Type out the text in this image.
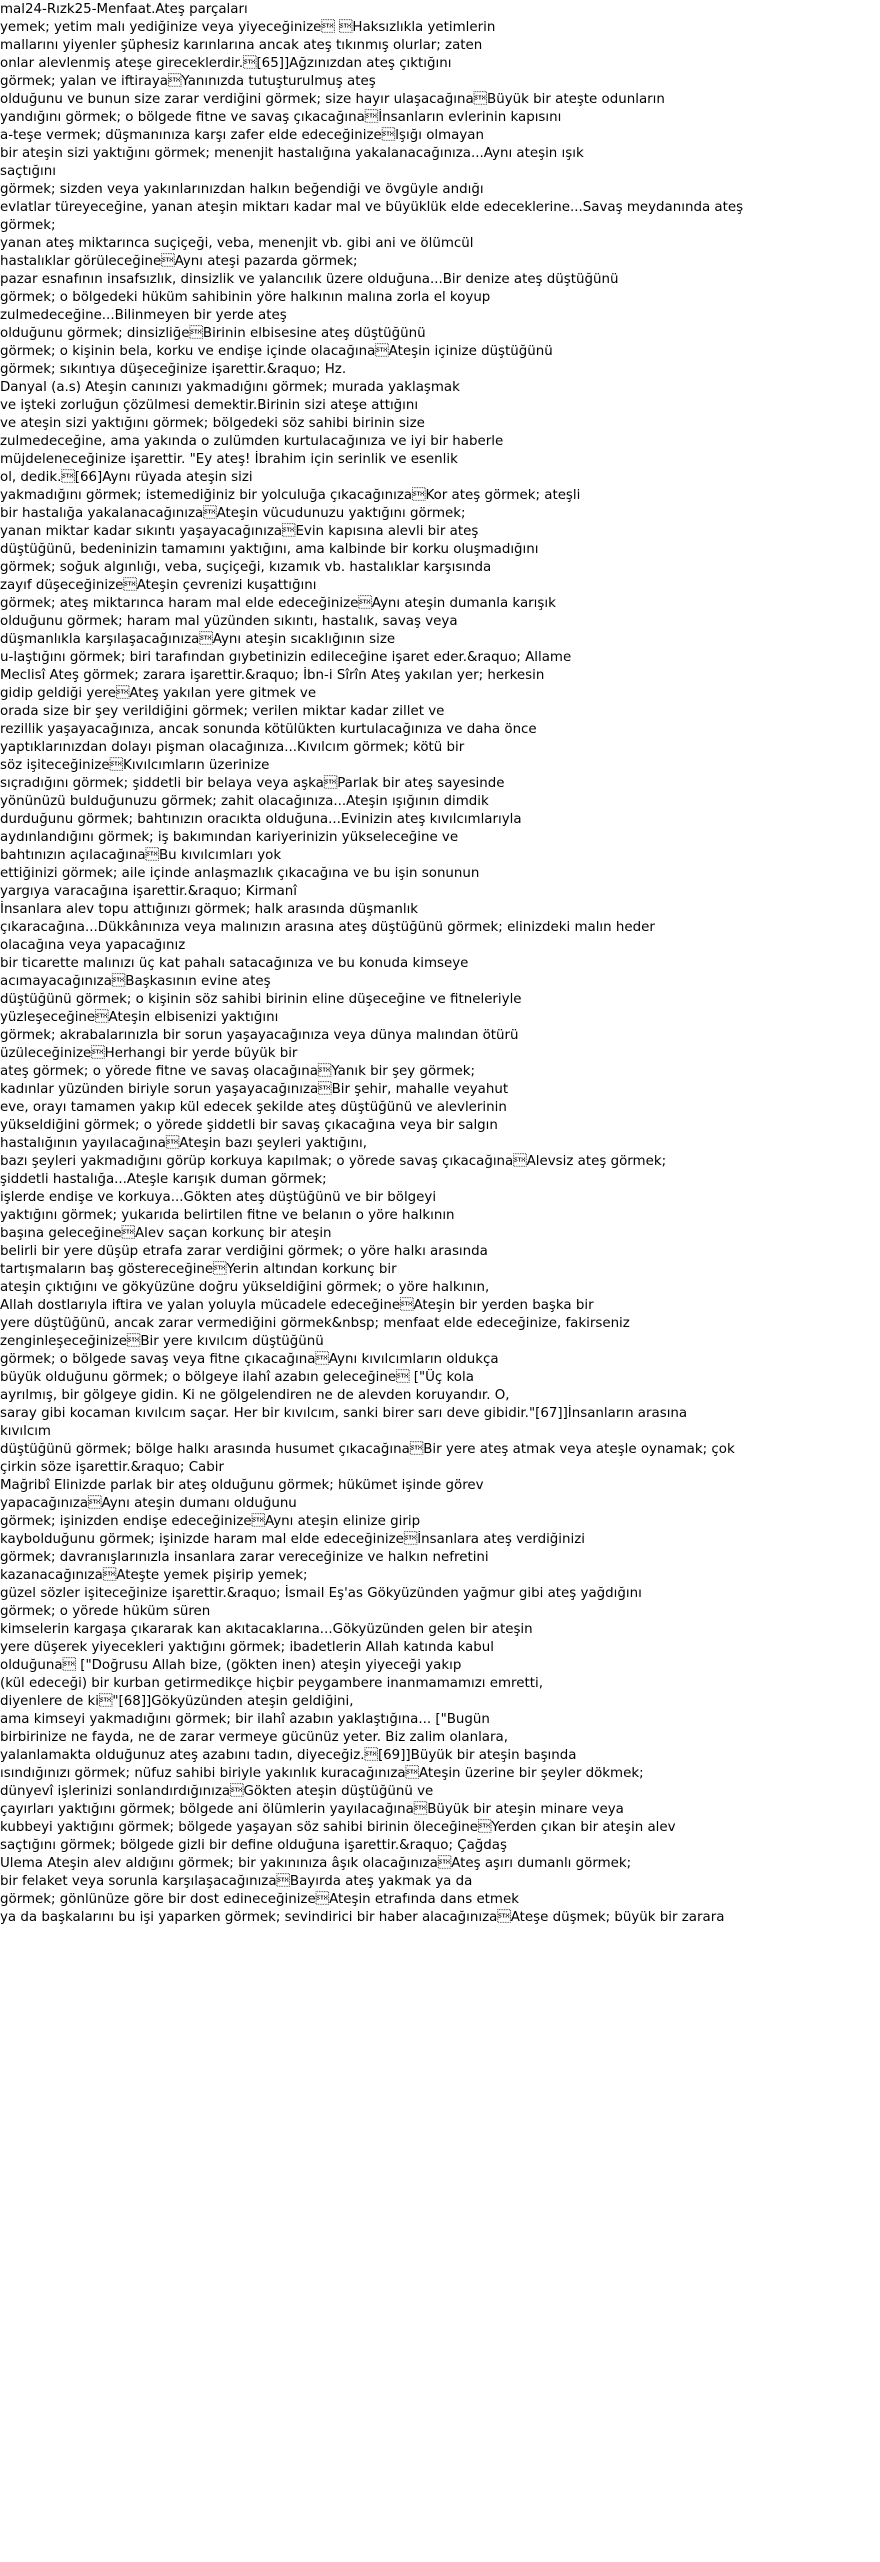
mal24-Rızk25-Menfaat.Ateş parçaları
yemek; yetim malı yediğinize veya yiyeceğinize Haksızlıkla yetimlerin
mallarını yiyenler şüphesiz karınlarına ancak ateş tıkınmış olurlar; zaten
onlar alevlenmiş ateşe gireceklerdir.[65]]Ağzınızdan ateş çıktığını
görmek; yalan ve iftirayaYanınızda tutuşturulmuş ateş
olduğunu ve bunun size zarar verdiğini görmek; size hayır ulaşacağınaBüyük bir ateşte odunların
yandığını görmek; o bölgede fitne ve savaş çıkacağınaİnsanların evlerinin kapısını
a-teşe vermek; düşmanınıza karşı zafer elde edeceğinizeIşığı olmayan
bir ateşin sizi yaktığını görmek; menenjit hastalığına yakalanacağınıza...Aynı ateşin ışık
saçtığını
görmek; sizden veya yakınlarınızdan halkın beğendiği ve övgüyle andığı
evlatlar türeyeceğine, yanan ateşin miktarı kadar mal ve büyüklük elde edeceklerine...Savaş meydanında ateş
görmek;
yanan ateş miktarınca suçiçeği, veba, menenjit vb. gibi ani ve ölümcül
hastalıklar görüleceğineAynı ateşi pazarda görmek;
pazar esnafının insafsızlık, dinsizlik ve yalancılık üzere olduğuna...Bir denize ateş düştüğünü
görmek; o bölgedeki hüküm sahibinin yöre halkının malına zorla el koyup
zulmedeceğine...Bilinmeyen bir yerde ateş
olduğunu görmek; dinsizliğeBirinin elbisesine ateş düştüğünü
görmek; o kişinin bela, korku ve endişe içinde olacağınaAteşin içinize düştüğünü
görmek; sıkıntıya düşeceğinize işarettir.&raquo; Hz.
Danyal (a.s) Ateşin canınızı yakmadığını görmek; murada yaklaşmak
ve işteki zorluğun çözülmesi demektir.Birinin sizi ateşe attığını
ve ateşin sizi yaktığını görmek; bölgedeki söz sahibi birinin size
zulmedeceğine, ama yakında o zulümden kurtulacağınıza ve iyi bir haberle
müjdeleneceğinize işarettir. "Ey ateş! İbrahim için serinlik ve esenlik
ol, dedik.[66]Aynı rüyada ateşin sizi
yakmadığını görmek; istemediğiniz bir yolculuğa çıkacağınızaKor ateş görmek; ateşli
bir hastalığa yakalanacağınızaAteşin vücudunuzu yaktığını görmek;
yanan miktar kadar sıkıntı yaşayacağınızaEvin kapısına alevli bir ateş
düştüğünü, bedeninizin tamamını yaktığını, ama kalbinde bir korku oluşmadığını
görmek; soğuk algınlığı, veba, suçiçeği, kızamık vb. hastalıklar karşısında
zayıf düşeceğinizeAteşin çevrenizi kuşattığını
görmek; ateş miktarınca haram mal elde edeceğinizeAynı ateşin dumanla karışık
olduğunu görmek; haram mal yüzünden sıkıntı, hastalık, savaş veya
düşmanlıkla karşılaşacağınızaAynı ateşin sıcaklığının size
u-laştığını görmek; biri tarafından gıybetinizin edileceğine işaret eder.&raquo; Allame
Meclisî Ateş görmek; zarara işarettir.&raquo; İbn-i Sîrîn Ateş yakılan yer; herkesin
gidip geldiği yereAteş yakılan yere gitmek ve
orada size bir şey verildiğini görmek; verilen miktar kadar zillet ve
rezillik yaşayacağınıza, ancak sonunda kötülükten kurtulacağınıza ve daha önce
yaptıklarınızdan dolayı pişman olacağınıza...Kıvılcım görmek; kötü bir
söz işiteceğinizeKıvılcımların üzerinize
sıçradığını görmek; şiddetli bir belaya veya aşkaParlak bir ateş sayesinde
yönünüzü bulduğunuzu görmek; zahit olacağınıza...Ateşin ışığının dimdik
durduğunu görmek; bahtınızın oracıkta olduğuna...Evinizin ateş kıvılcımlarıyla
aydınlandığını görmek; iş bakımından kariyerinizin yükseleceğine ve
bahtınızın açılacağınaBu kıvılcımları yok
ettiğinizi görmek; aile içinde anlaşmazlık çıkacağına ve bu işin sonunun
yargıya varacağına işarettir.&raquo; Kirmanî
İnsanlara alev topu attığınızı görmek; halk arasında düşmanlık
çıkaracağına...Dükkânınıza veya malınızın arasına ateş düştüğünü görmek; elinizdeki malın heder
olacağına veya yapacağınız
bir ticarette malınızı üç kat pahalı satacağınıza ve bu konuda kimseye
acımayacağınızaBaşkasının evine ateş
düştüğünü görmek; o kişinin söz sahibi birinin eline düşeceğine ve fitneleriyle
yüzleşeceğineAteşin elbisenizi yaktığını
görmek; akrabalarınızla bir sorun yaşayacağınıza veya dünya malından ötürü
üzüleceğinizeHerhangi bir yerde büyük bir
ateş görmek; o yörede fitne ve savaş olacağınaYanık bir şey görmek;
kadınlar yüzünden biriyle sorun yaşayacağınızaBir şehir, mahalle veyahut
eve, orayı tamamen yakıp kül edecek şekilde ateş düştüğünü ve alevlerinin
yükseldiğini görmek; o yörede şiddetli bir savaş çıkacağına veya bir salgın
hastalığının yayılacağınaAteşin bazı şeyleri yaktığını,
bazı şeyleri yakmadığını görüp korkuya kapılmak; o yörede savaş çıkacağınaAlevsiz ateş görmek;
şiddetli hastalığa...Ateşle karışık duman görmek;
işlerde endişe ve korkuya...Gökten ateş düştüğünü ve bir bölgeyi
yaktığını görmek; yukarıda belirtilen fitne ve belanın o yöre halkının
başına geleceğineAlev saçan korkunç bir ateşin
belirli bir yere düşüp etrafa zarar verdiğini görmek; o yöre halkı arasında
tartışmaların baş göstereceğineYerin altından korkunç bir
ateşin çıktığını ve gökyüzüne doğru yükseldiğini görmek; o yöre halkının,
Allah dostlarıyla iftira ve yalan yoluyla mücadele edeceğineAteşin bir yerden başka bir
yere düştüğünü, ancak zarar vermediğini görmek&nbsp; menfaat elde edeceğinize, fakirseniz
zenginleşeceğinizeBir yere kıvılcım düştüğünü
görmek; o bölgede savaş veya fitne çıkacağınaAynı kıvılcımların oldukça
büyük olduğunu görmek; o bölgeye ilahî azabın geleceğine ["Üç kola
ayrılmış, bir gölgeye gidin. Ki ne gölgelendiren ne de alevden koruyandır. O,
saray gibi kocaman kıvılcım saçar. Her bir kıvılcım, sanki birer sarı deve gibidir."[67]]İnsanların arasına
kıvılcım
düştüğünü görmek; bölge halkı arasında husumet çıkacağınaBir yere ateş atmak veya ateşle oynamak; çok
çirkin söze işarettir.&raquo; Cabir
Mağribî Elinizde parlak bir ateş olduğunu görmek; hükümet işinde görev
yapacağınızaAynı ateşin dumanı olduğunu
görmek; işinizden endişe edeceğinizeAynı ateşin elinize girip
kaybolduğunu görmek; işinizde haram mal elde edeceğinizeİnsanlara ateş verdiğinizi
görmek; davranışlarınızla insanlara zarar vereceğinize ve halkın nefretini
kazanacağınızaAteşte yemek pişirip yemek;
güzel sözler işiteceğinize işarettir.&raquo; İsmail Eş'as Gökyüzünden yağmur gibi ateş yağdığını
görmek; o yörede hüküm süren
kimselerin kargaşa çıkararak kan akıtacaklarına...Gökyüzünden gelen bir ateşin
yere düşerek yiyecekleri yaktığını görmek; ibadetlerin Allah katında kabul
olduğuna ["Doğrusu Allah bize, (gökten inen) ateşin yiyeceği yakıp
(kül edeceği) bir kurban getirmedikçe hiçbir peygambere inanmamamızı emretti,
diyenlere de ki"[68]]Gökyüzünden ateşin geldiğini,
ama kimseyi yakmadığını görmek; bir ilahî azabın yaklaştığına... ["Bugün
birbirinize ne fayda, ne de zarar vermeye gücünüz yeter. Biz zalim olanlara,
yalanlamakta olduğunuz ateş azabını tadın, diyeceğiz.[69]]Büyük bir ateşin başında
ısındığınızı görmek; nüfuz sahibi biriyle yakınlık kuracağınızaAteşin üzerine bir şeyler dökmek;
dünyevî işlerinizi sonlandırdığınızaGökten ateşin düştüğünü ve
çayırları yaktığını görmek; bölgede ani ölümlerin yayılacağınaBüyük bir ateşin minare veya
kubbeyi yaktığını görmek; bölgede yaşayan söz sahibi birinin öleceğineYerden çıkan bir ateşin alev
saçtığını görmek; bölgede gizli bir define olduğuna işarettir.&raquo; Çağdaş
Ulema Ateşin alev aldığını görmek; bir yakınınıza âşık olacağınızaAteş aşırı dumanlı görmek;
bir felaket veya sorunla karşılaşacağınızaBayırda ateş yakmak ya da
görmek; gönlünüze göre bir dost edineceğinizeAteşin etrafında dans etmek
ya da başkalarını bu işi yaparken görmek; sevindirici bir haber alacağınızaAteşe düşmek; büyük bir zarara
